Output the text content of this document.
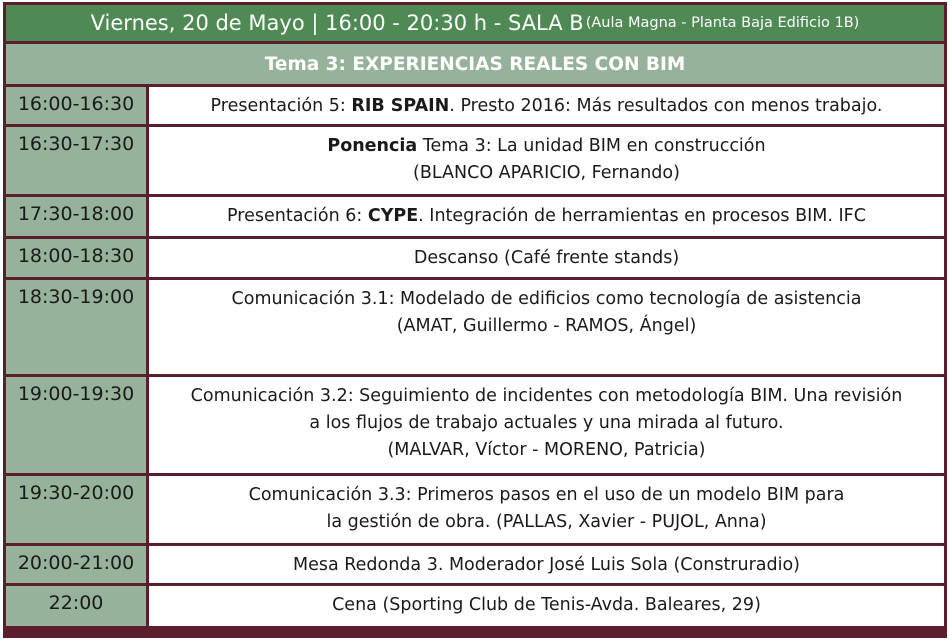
Viernes, 20 de Mayo | 16:00 - 20:30 h - SALA B (Aula Magna - Planta Baja Edificio 1B)
Tema 3: EXPERIENCIAS REALES CON BIM
16:00-16:30	Presentación 5: RIB SPAIN. Presto 2016: Más resultados con menos trabajo.
16:30-17:30	Ponencia Tema 3: La unidad BIM en construcción
(BLANCO APARICIO, Fernando)
17:30-18:00	Presentación 6: CYPE. Integración de herramientas en procesos BIM. IFC
18:00-18:30	Descanso (Café frente stands)
18:30-19:00	Comunicación 3.1: Modelado de edificios como tecnología de asistencia
(AMAT, Guillermo - RAMOS, Ángel)
19:00-19:30	Comunicación 3.2: Seguimiento de incidentes con metodología BIM. Una revisión
a los flujos de trabajo actuales y una mirada al futuro.
(MALVAR, Víctor - MORENO, Patricia)
19:30-20:00	Comunicación 3.3: Primeros pasos en el uso de un modelo BIM para
la gestión de obra. (PALLAS, Xavier - PUJOL, Anna)
20:00-21:00	Mesa Redonda 3. Moderador José Luis Sola (Construradio)
22:00	Cena (Sporting Club de Tenis-Avda. Baleares, 29)
